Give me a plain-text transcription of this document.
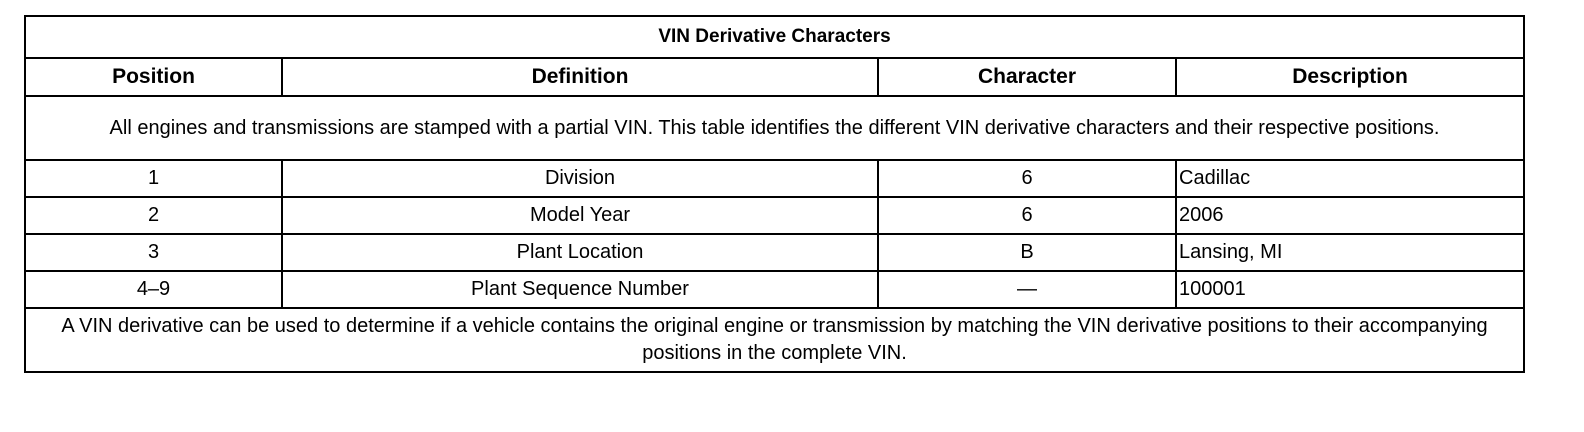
VIN Derivative Characters			
Position	Definition	Character	Description
All engines and transmissions are stamped with a partial VIN. This table identifies the different VIN derivative characters and their respective positions.			
1	Division	6	Cadillac
2	Model Year	6	2006
3	Plant Location	B	Lansing, MI
4–9	Plant Sequence Number	—	100001
A VIN derivative can be used to determine if a vehicle contains the original engine or transmission by matching the VIN derivative positions to their accompanying positions in the complete VIN.			
